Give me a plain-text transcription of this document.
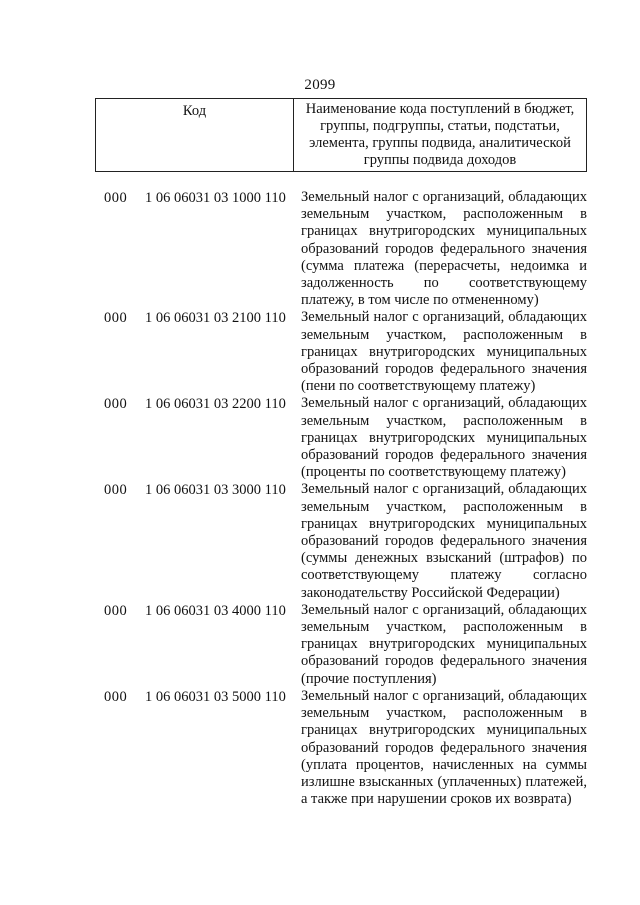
2099
Код	Наименование кода поступлений в бюджет, группы, подгруппы, статьи, подстатьи, элемента, группы подвида, аналитической группы подвида доходов
000 1 06 06031 03 1000 110 Земельный налог с организаций, обладающих земельным участком, расположенным в границах внутригородских муниципальных образований городов федерального значения (сумма платежа (перерасчеты, недоимка и задолженность по соответствующему платежу, в том числе по отмененному)
000 1 06 06031 03 2100 110 Земельный налог с организаций, обладающих земельным участком, расположенным в границах внутригородских муниципальных образований городов федерального значения (пени по соответствующему платежу)
000 1 06 06031 03 2200 110 Земельный налог с организаций, обладающих земельным участком, расположенным в границах внутригородских муниципальных образований городов федерального значения (проценты по соответствующему платежу)
000 1 06 06031 03 3000 110 Земельный налог с организаций, обладающих земельным участком, расположенным в границах внутригородских муниципальных образований городов федерального значения (суммы денежных взысканий (штрафов) по соответствующему платежу согласно законодательству Российской Федерации)
000 1 06 06031 03 4000 110 Земельный налог с организаций, обладающих земельным участком, расположенным в границах внутригородских муниципальных образований городов федерального значения (прочие поступления)
000 1 06 06031 03 5000 110 Земельный налог с организаций, обладающих земельным участком, расположенным в границах внутригородских муниципальных образований городов федерального значения (уплата процентов, начисленных на суммы излишне взысканных (уплаченных) платежей, а также при нарушении сроков их возврата)
